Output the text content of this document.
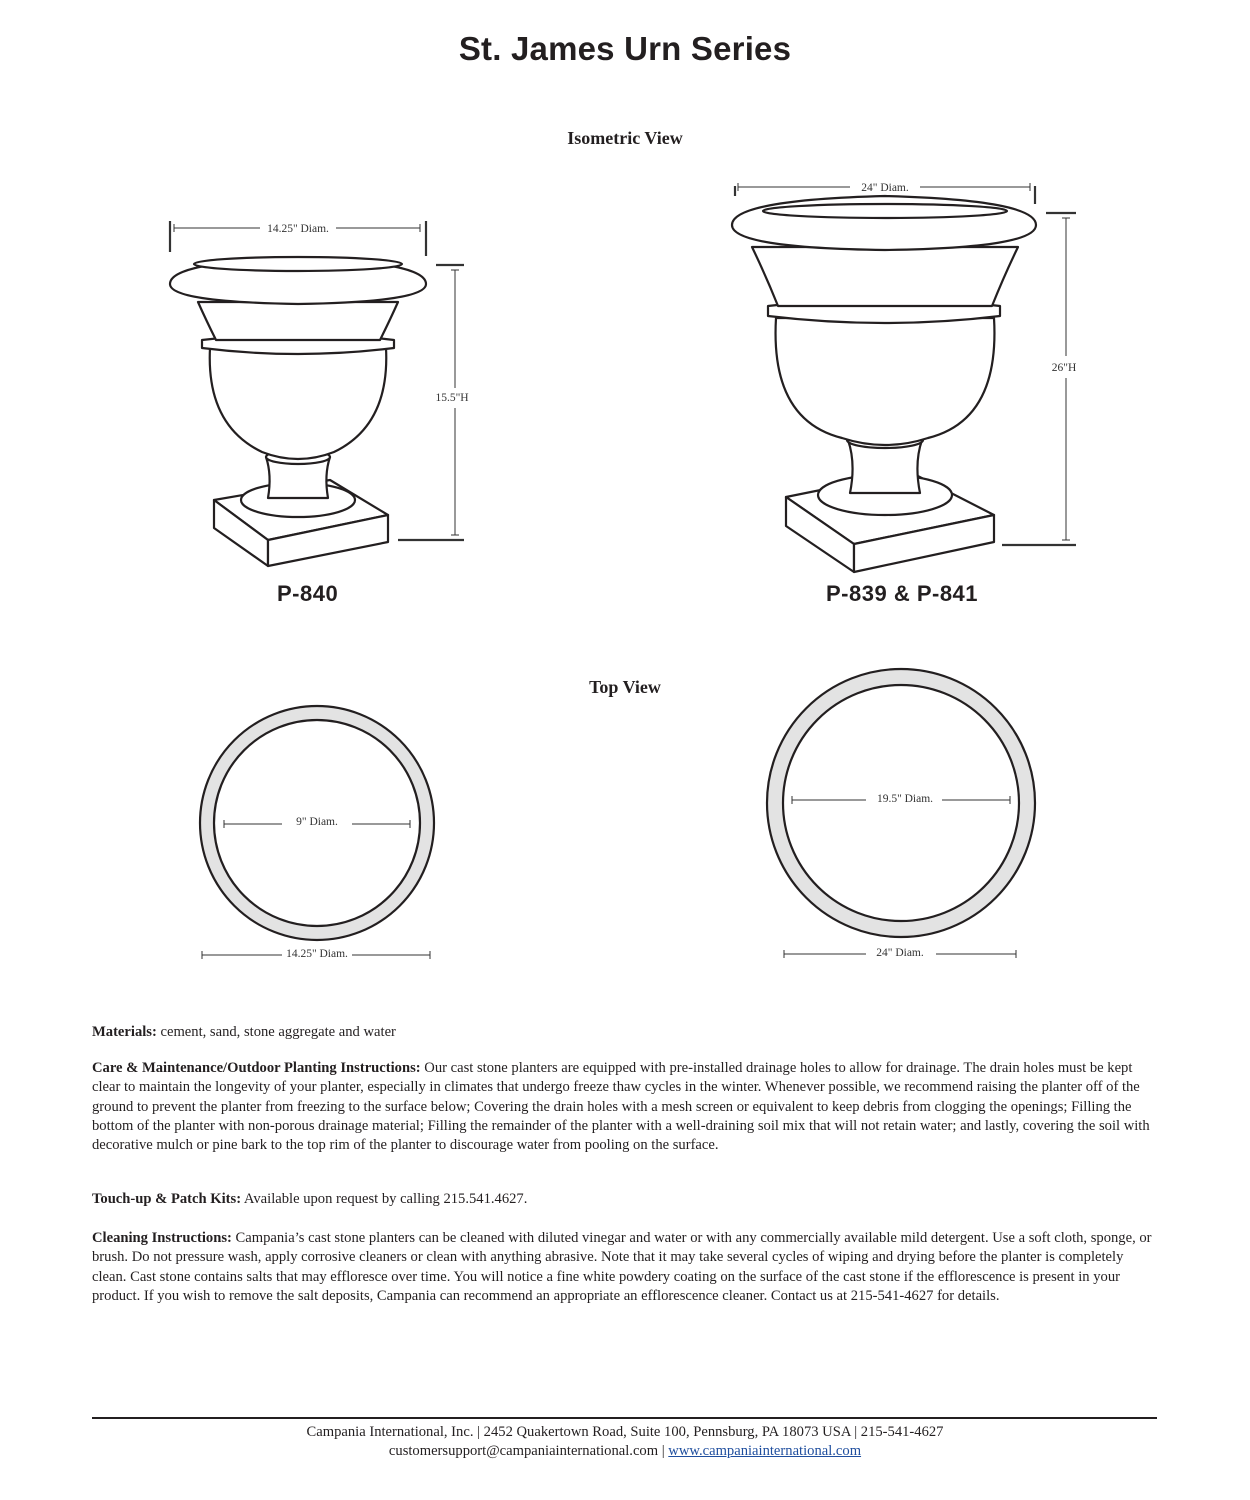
St. James Urn Series
Isometric View
Top View
14.25" Diam.
15.5"H
24" Diam.
26"H
9" Diam.
14.25" Diam.
19.5" Diam.
24" Diam.
P-840	P-839 & P-841

Materials: cement, sand, stone aggregate and water

Care & Maintenance/Outdoor Planting Instructions: Our cast stone planters are equipped with pre-installed drainage holes to allow for drainage. The drain holes must be kept clear to maintain the longevity of your planter, especially in climates that undergo freeze thaw cycles in the winter. Whenever possible, we recommend raising the planter off of the ground to prevent the planter from freezing to the surface below; Covering the drain holes with a mesh screen or equivalent to keep debris from clogging the openings; Filling the bottom of the planter with non-porous drainage material; Filling the remainder of the planter with a well-draining soil mix that will not retain water; and lastly, covering the soil with decorative mulch or pine bark to the top rim of the planter to discourage water from pooling on the surface.

Touch-up & Patch Kits: Available upon request by calling 215.541.4627.

Cleaning Instructions: Campania’s cast stone planters can be cleaned with diluted vinegar and water or with any commercially available mild detergent. Use a soft cloth, sponge, or brush. Do not pressure wash, apply corrosive cleaners or clean with anything abrasive. Note that it may take several cycles of wiping and drying before the planter is completely clean. Cast stone contains salts that may effloresce over time. You will notice a fine white powdery coating on the surface of the cast stone if the efflorescence is present in your product. If you wish to remove the salt deposits, Campania can recommend an appropriate an efflorescence cleaner. Contact us at 215-541-4627 for details.

Campania International, Inc. | 2452 Quakertown Road, Suite 100, Pennsburg, PA 18073 USA | 215-541-4627
customersupport@campaniainternational.com | www.campaniainternational.com
